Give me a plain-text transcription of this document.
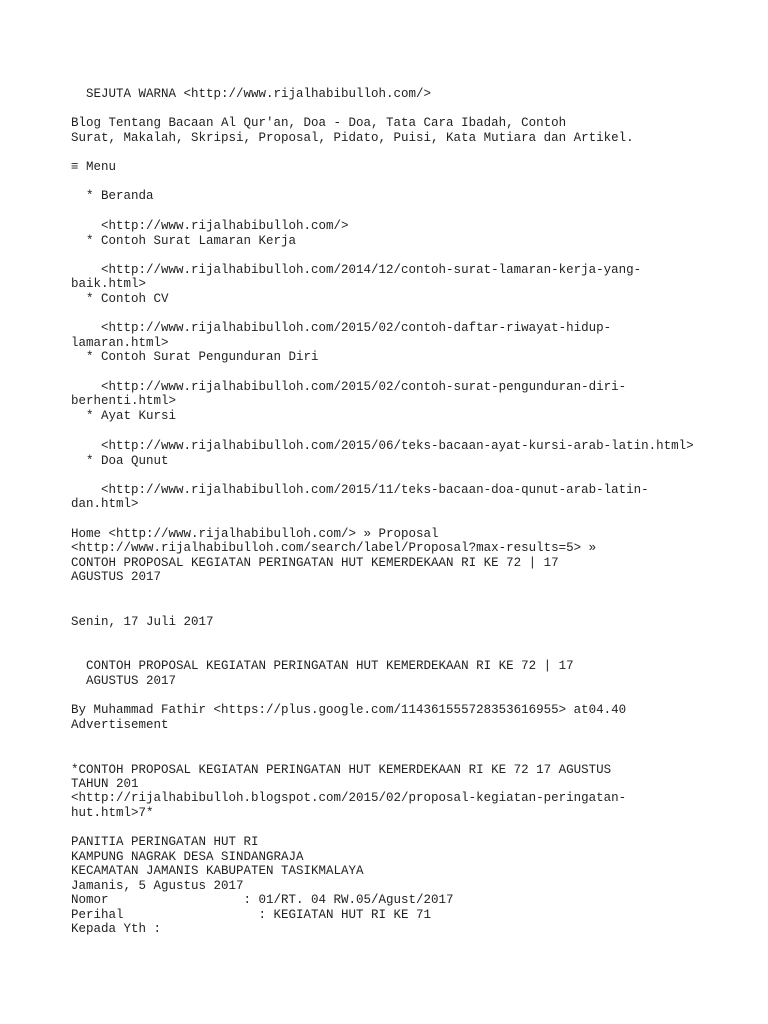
SEJUTA WARNA <http://www.rijalhabibulloh.com/>
Blog Tentang Bacaan Al Qur'an, Doa - Doa, Tata Cara Ibadah, Contoh
Surat, Makalah, Skripsi, Proposal, Pidato, Puisi, Kata Mutiara dan Artikel.
≡ Menu
* Beranda
<http://www.rijalhabibulloh.com/>
* Contoh Surat Lamaran Kerja
<http://www.rijalhabibulloh.com/2014/12/contoh-surat-lamaran-kerja-yang-
baik.html>
* Contoh CV
<http://www.rijalhabibulloh.com/2015/02/contoh-daftar-riwayat-hidup-
lamaran.html>
* Contoh Surat Pengunduran Diri
<http://www.rijalhabibulloh.com/2015/02/contoh-surat-pengunduran-diri-
berhenti.html>
* Ayat Kursi
<http://www.rijalhabibulloh.com/2015/06/teks-bacaan-ayat-kursi-arab-latin.html>
* Doa Qunut
<http://www.rijalhabibulloh.com/2015/11/teks-bacaan-doa-qunut-arab-latin-
dan.html>
Home <http://www.rijalhabibulloh.com/> » Proposal
<http://www.rijalhabibulloh.com/search/label/Proposal?max-results=5> »
CONTOH PROPOSAL KEGIATAN PERINGATAN HUT KEMERDEKAAN RI KE 72 | 17
AGUSTUS 2017
Senin, 17 Juli 2017
CONTOH PROPOSAL KEGIATAN PERINGATAN HUT KEMERDEKAAN RI KE 72 | 17
AGUSTUS 2017
By Muhammad Fathir <https://plus.google.com/114361555728353616955> at04.40
Advertisement
*CONTOH PROPOSAL KEGIATAN PERINGATAN HUT KEMERDEKAAN RI KE 72 17 AGUSTUS
TAHUN 201
<http://rijalhabibulloh.blogspot.com/2015/02/proposal-kegiatan-peringatan-
hut.html>7*
PANITIA PERINGATAN HUT RI
KAMPUNG NAGRAK DESA SINDANGRAJA
KECAMATAN JAMANIS KABUPATEN TASIKMALAYA
Jamanis, 5 Agustus 2017
Nomor                  : 01/RT. 04 RW.05/Agust/2017
Perihal                  : KEGIATAN HUT RI KE 71
Kepada Yth :
